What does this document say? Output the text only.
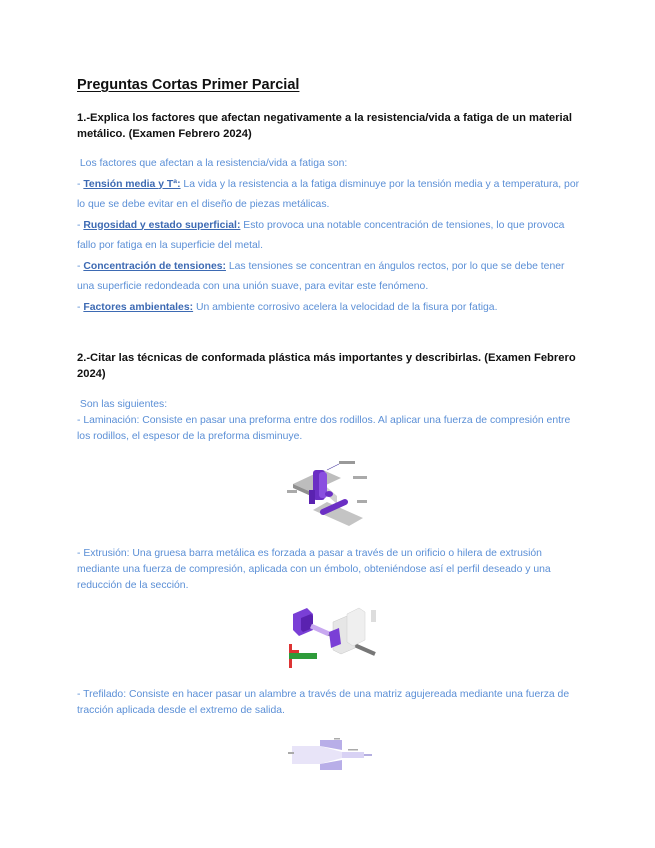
Preguntas Cortas Primer Parcial
1.-Explica los factores que afectan negativamente a la resistencia/vida a fatiga de un material metálico. (Examen Febrero 2024)

Los factores que afectan a la resistencia/vida a fatiga son:

- Tensión media y Tª: La vida y la resistencia a la fatiga disminuye por la tensión media y a temperatura, por lo que se debe evitar en el diseño de piezas metálicas.

- Rugosidad y estado superficial: Esto provoca una notable concentración de tensiones, lo que provoca fallo por fatiga en la superficie del metal.

- Concentración de tensiones: Las tensiones se concentran en ángulos rectos, por lo que se debe tener una superficie redondeada con una unión suave, para evitar este fenómeno.

- Factores ambientales: Un ambiente corrosivo acelera la velocidad de la fisura por fatiga.

2.-Citar las técnicas de conformada plástica más importantes y describirlas. (Examen Febrero 2024)

Son las siguientes:

- Laminación: Consiste en pasar una preforma entre dos rodillos. Al aplicar una fuerza de compresión entre los rodillos, el espesor de la preforma disminuye.

- Extrusión: Una gruesa barra metálica es forzada a pasar a través de un orificio o hilera de extrusión mediante una fuerza de compresión, aplicada con un émbolo, obteniéndose así el perfil deseado y una reducción de la sección.
- Trefilado: Consiste en hacer pasar un alambre a través de una matriz agujereada mediante una fuerza de tracción aplicada desde el extremo de salida.
